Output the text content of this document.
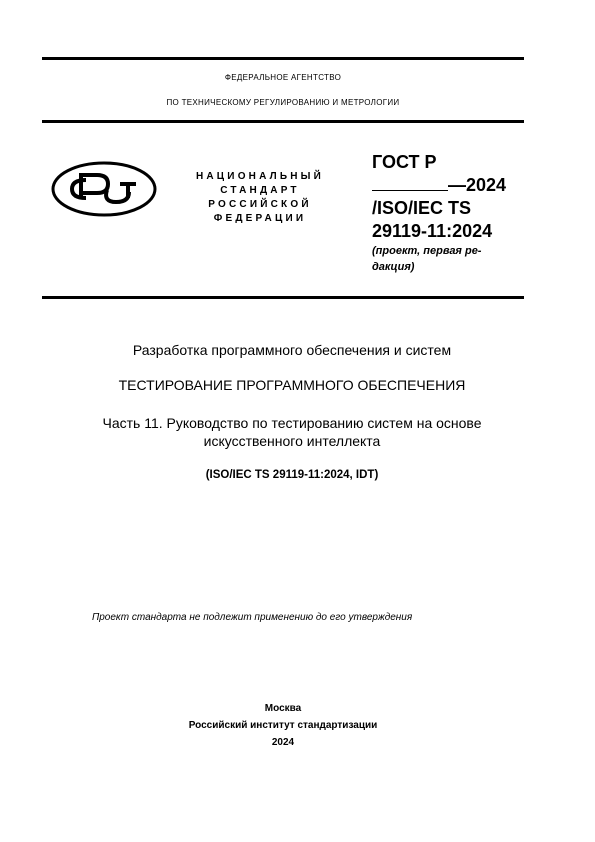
ФЕДЕРАЛЬНОЕ АГЕНТСТВО
ПО ТЕХНИЧЕСКОМУ РЕГУЛИРОВАНИЮ И МЕТРОЛОГИИ
НАЦИОНАЛЬНЫЙ
СТАНДАРТ
РОССИЙСКОЙ
ФЕДЕРАЦИИ
ГОСТ Р
—2024
/ISO/IEC TS
29119-11:2024
(проект, первая ре-
дакция)
Разработка программного обеспечения и систем
ТЕСТИРОВАНИЕ ПРОГРАММНОГО ОБЕСПЕЧЕНИЯ
Часть 11. Руководство по тестированию систем на основе
искусственного интеллекта
(ISO/IEC TS 29119-11:2024, IDT)
Проект стандарта не подлежит применению до его утверждения
Москва
Российский институт стандартизации
2024
